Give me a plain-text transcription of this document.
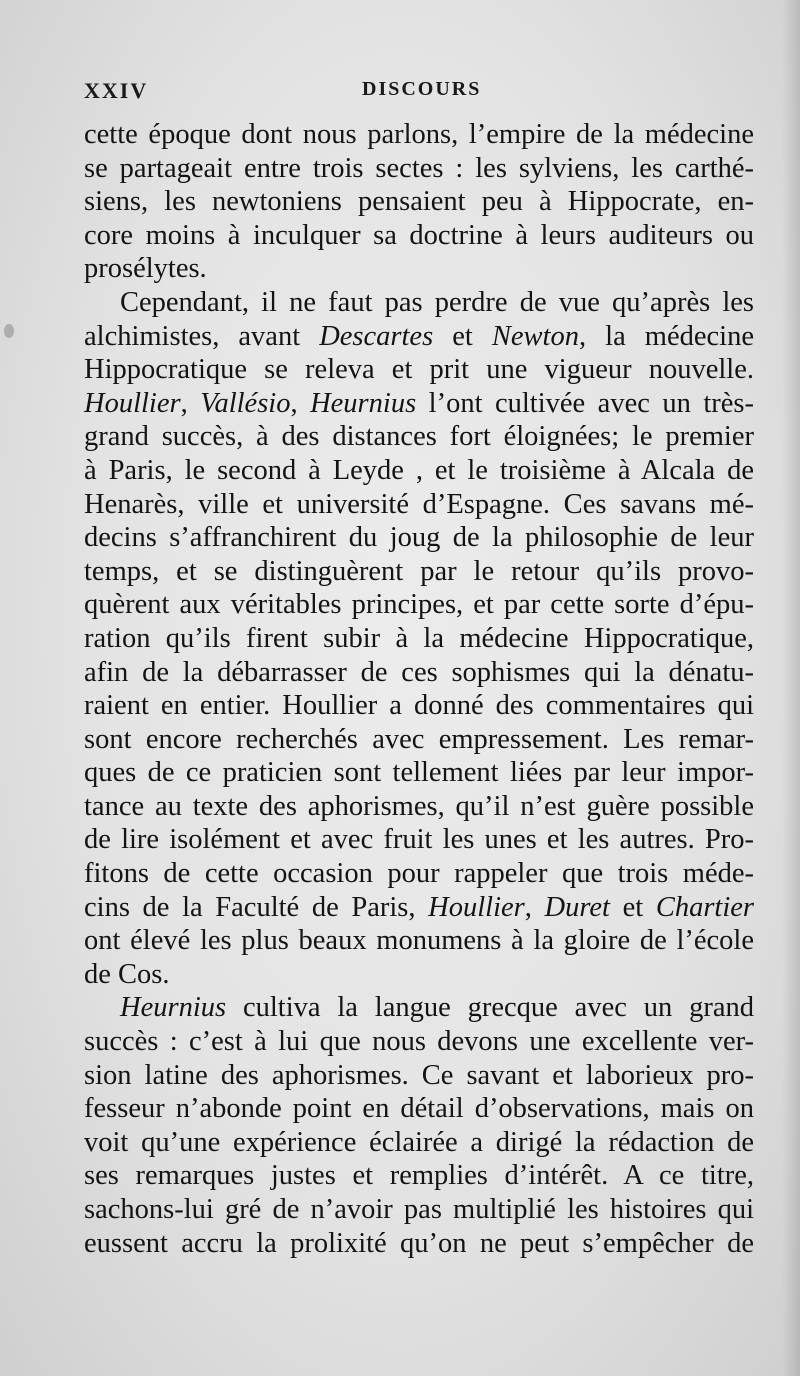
XXIV	DISCOURS

cette époque dont nous parlons, l’empire de la médecine
se partageait entre trois sectes : les sylviens, les carthé-
siens, les newtoniens pensaient peu à Hippocrate, en-
core moins à inculquer sa doctrine à leurs auditeurs ou
prosélytes.

Cependant, il ne faut pas perdre de vue qu’après les
alchimistes, avant Descartes et Newton, la médecine
Hippocratique se releva et prit une vigueur nouvelle.
Houllier, Vallésio, Heurnius l’ont cultivée avec un très-
grand succès, à des distances fort éloignées; le premier
à Paris, le second à Leyde , et le troisième à Alcala de
Henarès, ville et université d’Espagne. Ces savans mé-
decins s’affranchirent du joug de la philosophie de leur
temps, et se distinguèrent par le retour qu’ils provo-
quèrent aux véritables principes, et par cette sorte d’épu-
ration qu’ils firent subir à la médecine Hippocratique,
afin de la débarrasser de ces sophismes qui la dénatu-
raient en entier. Houllier a donné des commentaires qui
sont encore recherchés avec empressement. Les remar-
ques de ce praticien sont tellement liées par leur impor-
tance au texte des aphorismes, qu’il n’est guère possible
de lire isolément et avec fruit les unes et les autres. Pro-
fitons de cette occasion pour rappeler que trois méde-
cins de la Faculté de Paris, Houllier, Duret et Chartier
ont élevé les plus beaux monumens à la gloire de l’école
de Cos.

Heurnius cultiva la langue grecque avec un grand
succès : c’est à lui que nous devons une excellente ver-
sion latine des aphorismes. Ce savant et laborieux pro-
fesseur n’abonde point en détail d’observations, mais on
voit qu’une expérience éclairée a dirigé la rédaction de
ses remarques justes et remplies d’intérêt. A ce titre,
sachons-lui gré de n’avoir pas multiplié les histoires qui
eussent accru la prolixité qu’on ne peut s’empêcher de
